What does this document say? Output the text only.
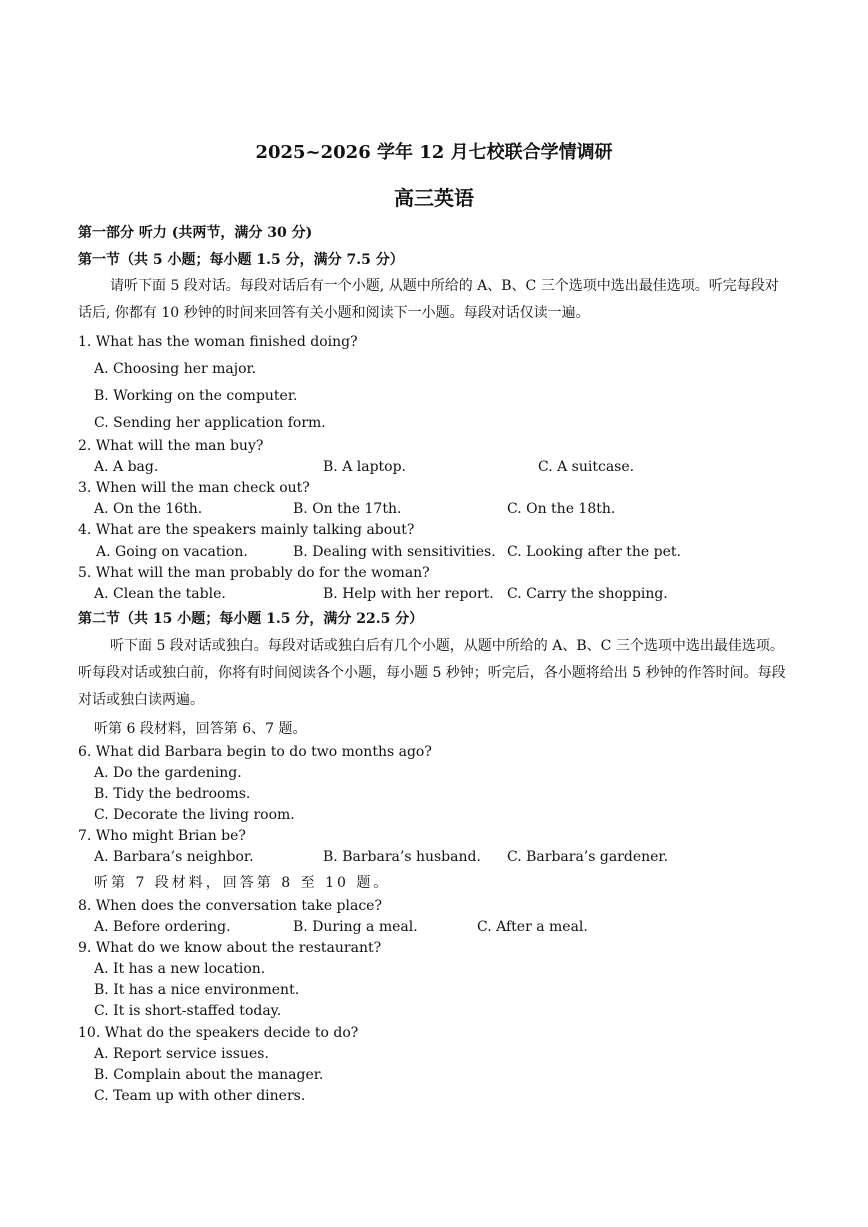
2025~2026 学年 12 月七校联合学情调研
高三英语
第一部分 听力 (共两节，满分 30 分)
第一节（共 5 小题；每小题 1.5 分，满分 7.5 分）
请听下面 5 段对话。每段对话后有一个小题, 从题中所给的 A、B、C 三个选项中选出最佳选项。听完每段对话后, 你都有 10 秒钟的时间来回答有关小题和阅读下一小题。每段对话仅读一遍。
1. What has the woman finished doing?
A. Choosing her major.
B. Working on the computer.
C. Sending her application form.
2. What will the man buy?
A. A bag.	B. A laptop.	C. A suitcase.
3. When will the man check out?
A. On the 16th.	B. On the 17th.	C. On the 18th.
4. What are the speakers mainly talking about?
A. Going on vacation.	B. Dealing with sensitivities. C. Looking after the pet.
5. What will the man probably do for the woman?
A. Clean the table.	B. Help with her report. C. Carry the shopping.
第二节（共 15 小题；每小题 1.5 分，满分 22.5 分）
听下面 5 段对话或独白。每段对话或独白后有几个小题，从题中所给的 A、B、C 三个选项中选出最佳选项。听每段对话或独白前，你将有时间阅读各个小题，每小题 5 秒钟；听完后，各小题将给出 5 秒钟的作答时间。每段对话或独白读两遍。
听第 6 段材料，回答第 6、7 题。
6. What did Barbara begin to do two months ago?
A. Do the gardening.
B. Tidy the bedrooms.
C. Decorate the living room.
7. Who might Brian be?
A. Barbara’s neighbor.	B. Barbara’s husband. C. Barbara’s gardener.
听第 7 段材料，回答第 8 至 10 题。
8. When does the conversation take place?
A. Before ordering.	B. During a meal.	C. After a meal.
9. What do we know about the restaurant?
A. It has a new location.
B. It has a nice environment.
C. It is short-staffed today.
10. What do the speakers decide to do?
A. Report service issues.
B. Complain about the manager.
C. Team up with other diners.
